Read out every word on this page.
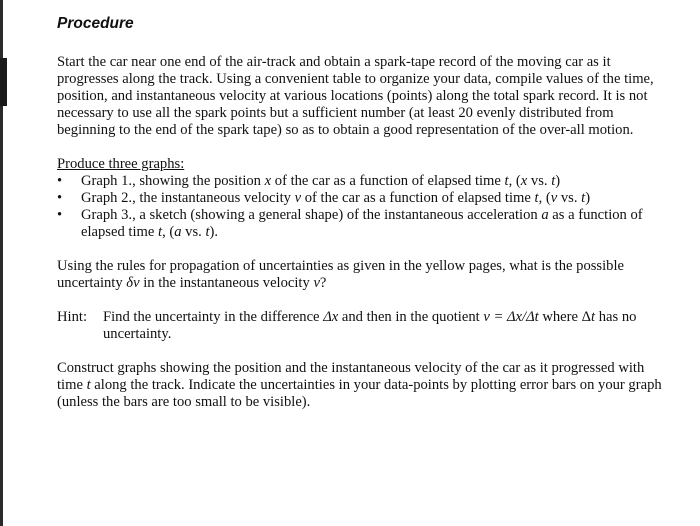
Procedure

Start the car near one end of the air-track and obtain a spark-tape record of the moving car as it progresses along the track. Using a convenient table to organize your data, compile values of the time, position, and instantaneous velocity at various locations (points) along the total spark record. It is not necessary to use all the spark points but a sufficient number (at least 20 evenly distributed from beginning to the end of the spark tape) so as to obtain a good representation of the over-all motion.

Produce three graphs:
•	Graph 1., showing the position x of the car as a function of elapsed time t, (x vs. t)
•	Graph 2., the instantaneous velocity v of the car as a function of elapsed time t, (v vs. t)
•	Graph 3., a sketch (showing a general shape) of the instantaneous acceleration a as a function of elapsed time t, (a vs. t).

Using the rules for propagation of uncertainties as given in the yellow pages, what is the possible uncertainty δv in the instantaneous velocity v?

Hint:	Find the uncertainty in the difference Δx and then in the quotient v = Δx/Δt where Δt has no uncertainty.

Construct graphs showing the position and the instantaneous velocity of the car as it progressed with time t along the track. Indicate the uncertainties in your data-points by plotting error bars on your graph (unless the bars are too small to be visible).
